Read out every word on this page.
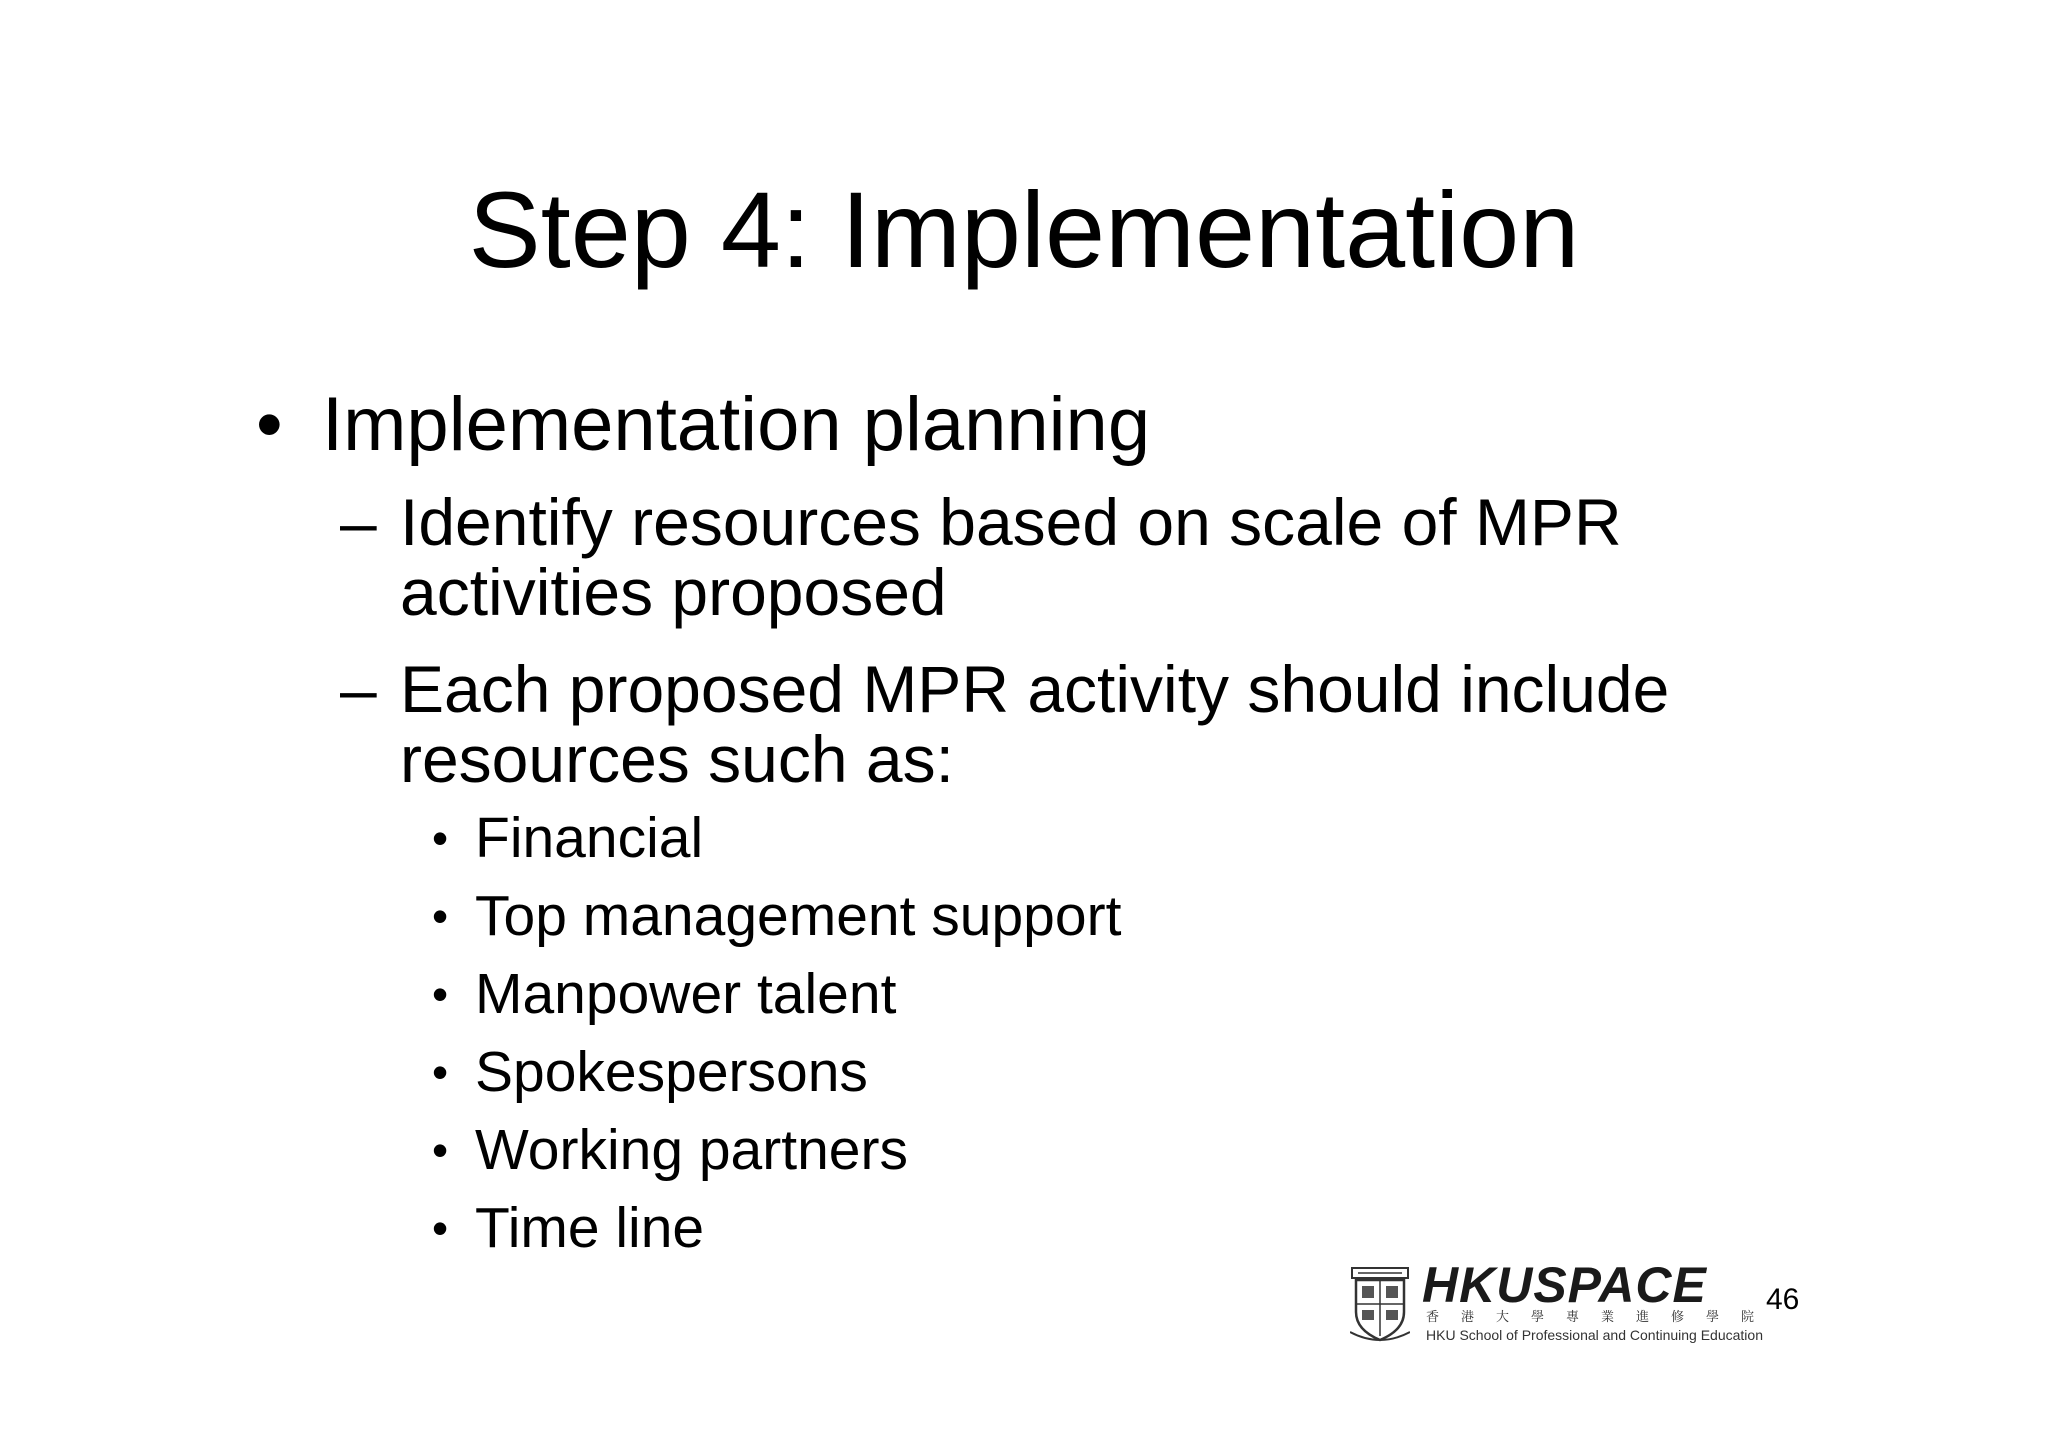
Step 4: Implementation
• Implementation planning
– Identify resources based on scale of MPR
activities proposed
– Each proposed MPR activity should include
resources such as:
• Financial
• Top management support
• Manpower talent
• Spokespersons
• Working partners
• Time line
HKUSPACE
香港大學專業進修學院
HKU School of Professional and Continuing Education
46
